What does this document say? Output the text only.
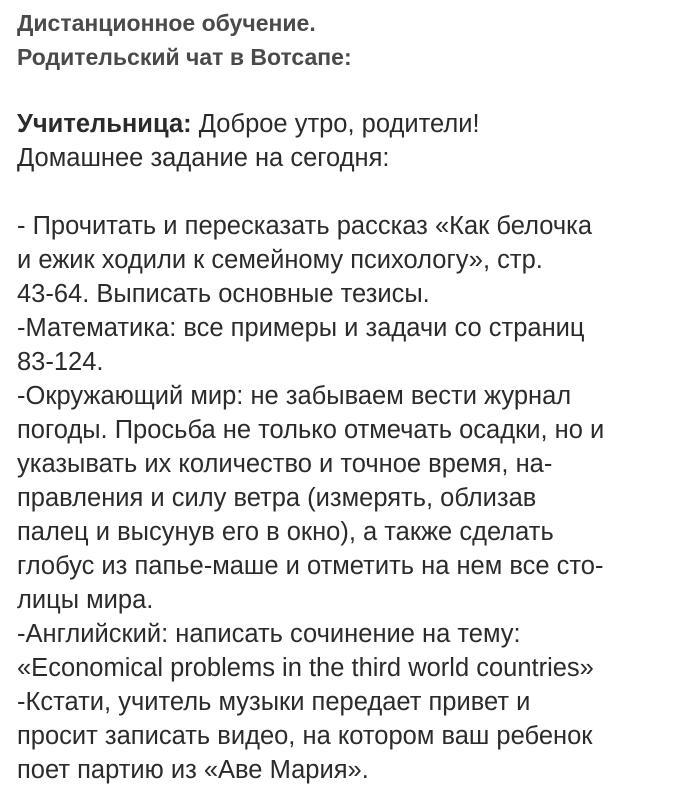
Дистанционное обучение.
Родительский чат в Вотсапе:
Учительница: Доброе утро, родители!
Домашнее задание на сегодня:
- Прочитать и пересказать рассказ «Как белочка
и ежик ходили к семейному психологу», стр.
43-64. Выписать основные тезисы.
-Математика: все примеры и задачи со страниц
83-124.
-Окружающий мир: не забываем вести журнал
погоды. Просьба не только отмечать осадки, но и
указывать их количество и точное время, на-
правления и силу ветра (измерять, облизав
палец и высунув его в окно), а также сделать
глобус из папье-маше и отметить на нем все сто-
лицы мира.
-Английский: написать сочинение на тему:
«Economical problems in the third world countries»
-Кстати, учитель музыки передает привет и
просит записать видео, на котором ваш ребенок
поет партию из «Аве Мария».
